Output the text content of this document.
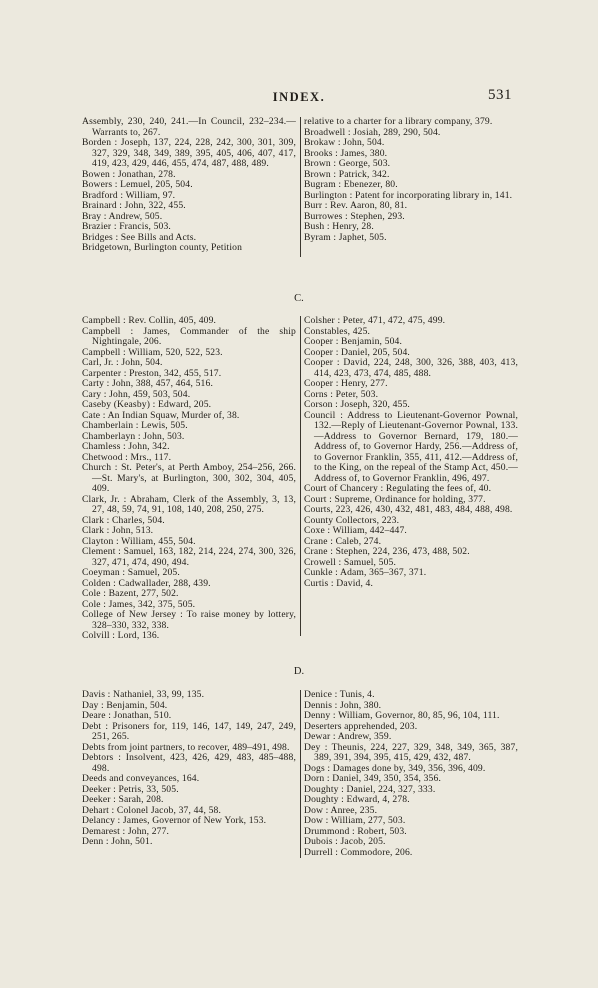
INDEX.	531
Assembly, 230, 240, 241.—In Council, 232–234.—Warrants to, 267.
Borden : Joseph, 137, 224, 228, 242, 300, 301, 309, 327, 329, 348, 349, 389, 395, 405, 406, 407, 417, 419, 423, 429, 446, 455, 474, 487, 488, 489.
Bowen : Jonathan, 278.
Bowers : Lemuel, 205, 504.
Bradford : William, 97.
Brainard : John, 322, 455.
Bray : Andrew, 505.
Brazier : Francis, 503.
Bridges : See Bills and Acts.
Bridgetown, Burlington county, Petition
relative to a charter for a library company, 379.
Broadwell : Josiah, 289, 290, 504.
Brokaw : John, 504.
Brooks : James, 380.
Brown : George, 503.
Brown : Patrick, 342.
Bugram : Ebenezer, 80.
Burlington : Patent for incorporating library in, 141.
Burr : Rev. Aaron, 80, 81.
Burrowes : Stephen, 293.
Bush : Henry, 28.
Byram : Japhet, 505.
C.
Campbell : Rev. Collin, 405, 409.
Campbell : James, Commander of the ship Nightingale, 206.
Campbell : William, 520, 522, 523.
Carl, Jr. : John, 504.
Carpenter : Preston, 342, 455, 517.
Carty : John, 388, 457, 464, 516.
Cary : John, 459, 503, 504.
Caseby (Keasby) : Edward, 205.
Cate : An Indian Squaw, Murder of, 38.
Chamberlain : Lewis, 505.
Chamberlayn : John, 503.
Chamless : John, 342.
Chetwood : Mrs., 117.
Church : St. Peter's, at Perth Amboy, 254–256, 266.—St. Mary's, at Burlington, 300, 302, 304, 405, 409.
Clark, Jr. : Abraham, Clerk of the Assembly, 3, 13, 27, 48, 59, 74, 91, 108, 140, 208, 250, 275.
Clark : Charles, 504.
Clark : John, 513.
Clayton : William, 455, 504.
Clement : Samuel, 163, 182, 214, 224, 274, 300, 326, 327, 471, 474, 490, 494.
Coeyman : Samuel, 205.
Colden : Cadwallader, 288, 439.
Cole : Bazent, 277, 502.
Cole : James, 342, 375, 505.
College of New Jersey : To raise money by lottery, 328–330, 332, 338.
Colvill : Lord, 136.
Colsher : Peter, 471, 472, 475, 499.
Constables, 425.
Cooper : Benjamin, 504.
Cooper : Daniel, 205, 504.
Cooper : David, 224, 248, 300, 326, 388, 403, 413, 414, 423, 473, 474, 485, 488.
Cooper : Henry, 277.
Corns : Peter, 503.
Corson : Joseph, 320, 455.
Council : Address to Lieutenant-Governor Pownal, 132.—Reply of Lieutenant-Governor Pownal, 133.—Address to Governor Bernard, 179, 180.—Address of, to Governor Hardy, 256.—Address of, to Governor Franklin, 355, 411, 412.—Address of, to the King, on the repeal of the Stamp Act, 450.—Address of, to Governor Franklin, 496, 497.
Court of Chancery : Regulating the fees of, 40.
Court : Supreme, Ordinance for holding, 377.
Courts, 223, 426, 430, 432, 481, 483, 484, 488, 498.
County Collectors, 223.
Coxe : William, 442–447.
Crane : Caleb, 274.
Crane : Stephen, 224, 236, 473, 488, 502.
Crowell : Samuel, 505.
Cunkle : Adam, 365–367, 371.
Curtis : David, 4.
D.
Davis : Nathaniel, 33, 99, 135.
Day : Benjamin, 504.
Deare : Jonathan, 510.
Debt : Prisoners for, 119, 146, 147, 149, 247, 249, 251, 265.
Debts from joint partners, to recover, 489–491, 498.
Debtors : Insolvent, 423, 426, 429, 483, 485–488, 498.
Deeds and conveyances, 164.
Deeker : Petris, 33, 505.
Deeker : Sarah, 208.
Dehart : Colonel Jacob, 37, 44, 58.
Delancy : James, Governor of New York, 153.
Demarest : John, 277.
Denn : John, 501.
Denice : Tunis, 4.
Dennis : John, 380.
Denny : William, Governor, 80, 85, 96, 104, 111.
Deserters apprehended, 203.
Dewar : Andrew, 359.
Dey : Theunis, 224, 227, 329, 348, 349, 365, 387, 389, 391, 394, 395, 415, 429, 432, 487.
Dogs : Damages done by, 349, 356, 396, 409.
Dorn : Daniel, 349, 350, 354, 356.
Doughty : Daniel, 224, 327, 333.
Doughty : Edward, 4, 278.
Dow : Anree, 235.
Dow : William, 277, 503.
Drummond : Robert, 503.
Dubois : Jacob, 205.
Durrell : Commodore, 206.
